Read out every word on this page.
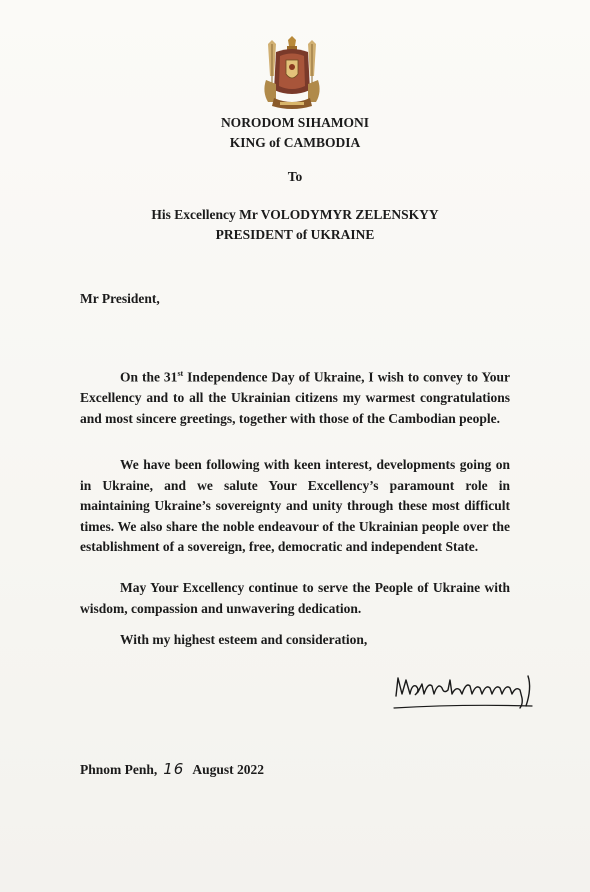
NORODOM SIHAMONI
KING of CAMBODIA
To
His Excellency Mr VOLODYMYR ZELENSKYY
PRESIDENT of UKRAINE
Mr President,

On the 31st Independence Day of Ukraine, I wish to convey to Your Excellency and to all the Ukrainian citizens my warmest congratulations and most sincere greetings, together with those of the Cambodian people.

We have been following with keen interest, developments going on in Ukraine, and we salute Your Excellency’s paramount role in maintaining Ukraine’s sovereignty and unity through these most difficult times. We also share the noble endeavour of the Ukrainian people over the establishment of a sovereign, free, democratic and independent State.

May Your Excellency continue to serve the People of Ukraine with wisdom, compassion and unwavering dedication.

With my highest esteem and consideration,
Phnom Penh, 16 August 2022
